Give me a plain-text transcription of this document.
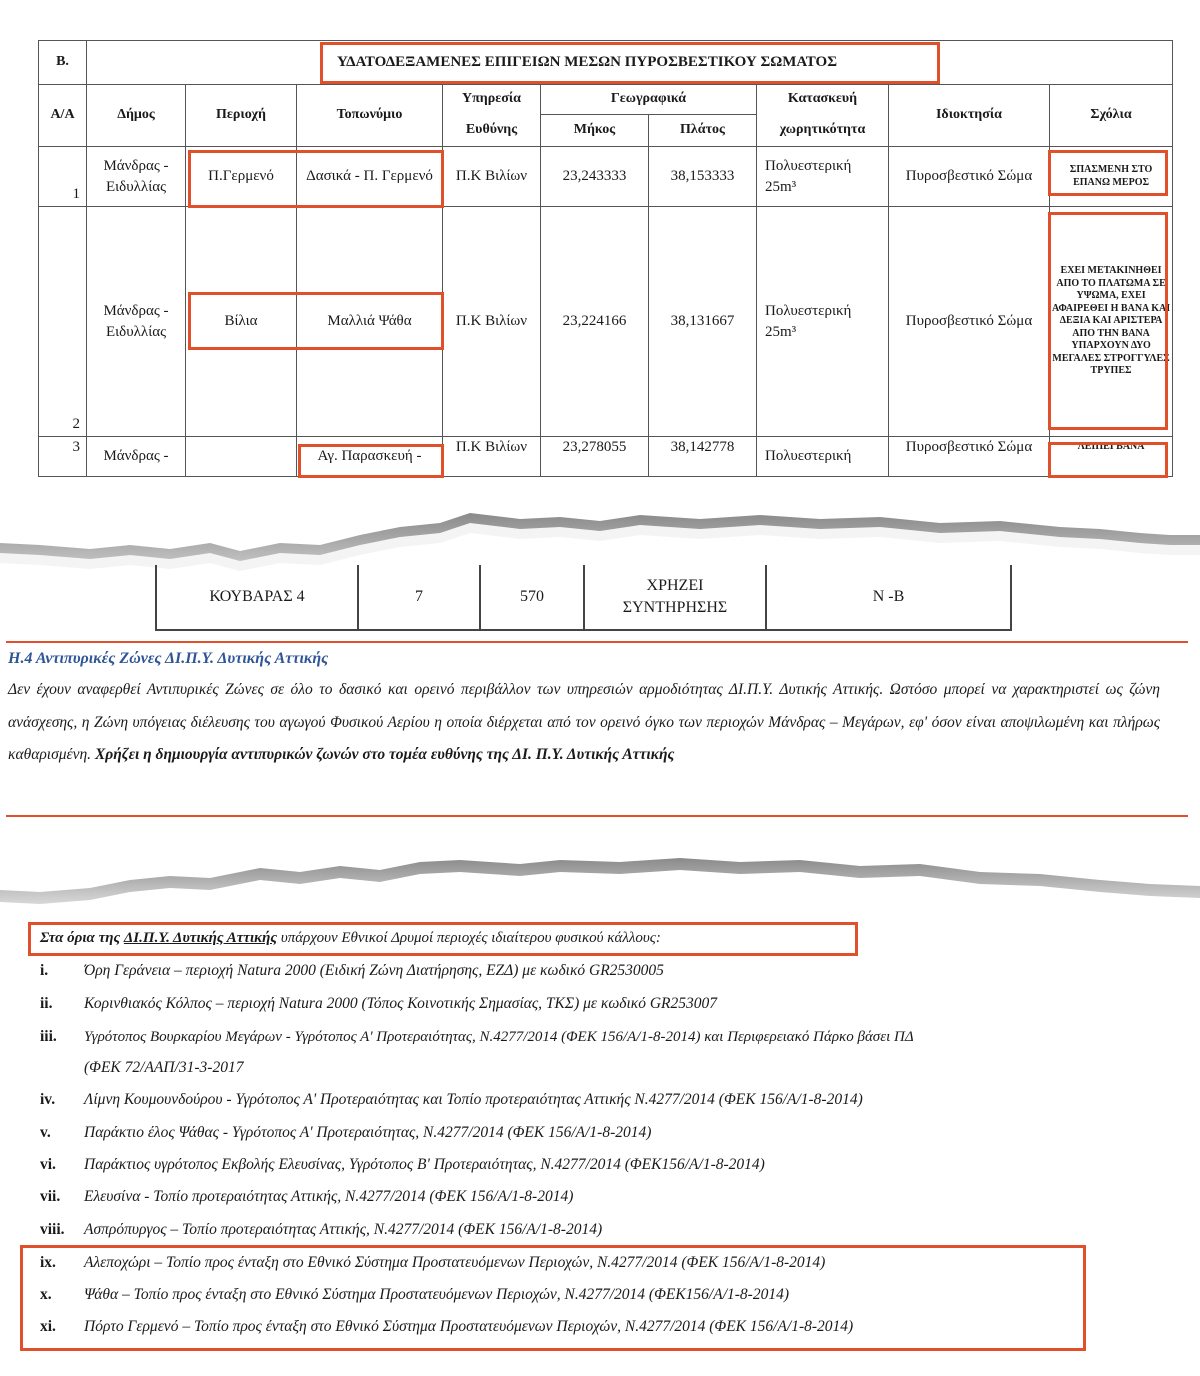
Β.	ΥΔΑΤΟΔΕΞΑΜΕΝΕΣ ΕΠΙΓΕΙΩΝ ΜΕΣΩΝ ΠΥΡΟΣΒΕΣΤΙΚΟΥ ΣΩΜΑΤΟΣ								
Α/Α	Δήμος	Περιοχή	Τοπωνύμιο	Υπηρεσία	Γεωγραφικά		Κατασκευή	Ιδιοκτησία	Σχόλια
				Ευθύνης	Μήκος	Πλάτος	χωρητικότητα		
1	Μάνδρας - Ειδυλλίας	Π.Γερμενό	Δασικά - Π. Γερμενό	Π.Κ Βιλίων	23,243333	38,153333	Πολυεστερική 25m³	Πυροσβεστικό Σώμα	ΣΠΑΣΜΕΝΗ ΣΤΟ ΕΠΑΝΩ ΜΕΡΟΣ
2	Μάνδρας - Ειδυλλίας	Βίλια	Μαλλιά Ψάθα	Π.Κ Βιλίων	23,224166	38,131667	Πολυεστερική 25m³	Πυροσβεστικό Σώμα	ΕΧΕΙ ΜΕΤΑΚΙΝΗΘΕΙ ΑΠΟ ΤΟ ΠΛΑΤΩΜΑ ΣΕ ΥΨΩΜΑ, ΕΧΕΙ ΑΦΑΙΡΕΘΕΙ Η ΒΑΝΑ ΚΑΙ ΔΕΞΙΑ ΚΑΙ ΑΡΙΣΤΕΡΑ ΑΠΟ ΤΗΝ ΒΑΝΑ ΥΠΑΡΧΟΥΝ ΔΥΟ ΜΕΓΑΛΕΣ ΣΤΡΟΓΓΥΛΕΣ ΤΡΥΠΕΣ
3	Μάνδρας -		Αγ. Παρασκευή -	Π.Κ Βιλίων	23,278055	38,142778	Πολυεστερική	Πυροσβεστικό Σώμα	ΛΕΙΠΕΙ ΒΑΝΑ
ΚΟΥΒΑΡΑΣ 4	7	570	ΧΡΗΖΕΙ ΣΥΝΤΗΡΗΣΗΣ	Ν -Β
Η.4 Αντιπυρικές Ζώνες ΔΙ.Π.Υ. Δυτικής Αττικής
Δεν έχουν αναφερθεί Αντιπυρικές Ζώνες σε όλο το δασικό και ορεινό περιβάλλον των υπηρεσιών αρμοδιότητας ΔΙ.Π.Υ. Δυτικής Αττικής. Ωστόσο μπορεί να χαρακτηριστεί ως ζώνη ανάσχεσης, η Ζώνη υπόγειας διέλευσης του αγωγού Φυσικού Αερίου η οποία διέρχεται από τον ορεινό όγκο των περιοχών Μάνδρας – Μεγάρων, εφ' όσον είναι αποψιλωμένη και πλήρως καθαρισμένη. Χρήζει η δημιουργία αντιπυρικών ζωνών στο τομέα ευθύνης της ΔΙ. Π.Υ. Δυτικής Αττικής
Στα όρια της ΔΙ.Π.Υ. Δυτικής Αττικής υπάρχουν Εθνικοί Δρυμοί περιοχές ιδιαίτερου φυσικού κάλλους:
i. Όρη Γεράνεια – περιοχή Natura 2000 (Ειδική Ζώνη Διατήρησης, ΕΖΔ) με κωδικό GR2530005
ii. Κορινθιακός Κόλπος – περιοχή Natura 2000 (Τόπος Κοινοτικής Σημασίας, ΤΚΣ) με κωδικό GR253007
iii. Υγρότοπος Βουρκαρίου Μεγάρων - Υγρότοπος Α' Προτεραιότητας, Ν.4277/2014 (ΦΕΚ 156/Α/1-8-2014) και Περιφερειακό Πάρκο βάσει ΠΔ
(ΦΕΚ 72/ΑΑΠ/31-3-2017
iv. Λίμνη Κουμουνδούρου - Υγρότοπος Α' Προτεραιότητας και Τοπίο προτεραιότητας Αττικής Ν.4277/2014 (ΦΕΚ 156/Α/1-8-2014)
v. Παράκτιο έλος Ψάθας - Υγρότοπος Α' Προτεραιότητας, Ν.4277/2014 (ΦΕΚ 156/Α/1-8-2014)
vi. Παράκτιος υγρότοπος Εκβολής Ελευσίνας, Υγρότοπος Β' Προτεραιότητας, Ν.4277/2014 (ΦΕΚ156/Α/1-8-2014)
vii. Ελευσίνα - Τοπίο προτεραιότητας Αττικής, Ν.4277/2014 (ΦΕΚ 156/Α/1-8-2014)
viii. Ασπρόπυργος – Τοπίο προτεραιότητας Αττικής, Ν.4277/2014 (ΦΕΚ 156/Α/1-8-2014)
ix. Αλεποχώρι – Τοπίο προς ένταξη στο Εθνικό Σύστημα Προστατευόμενων Περιοχών, Ν.4277/2014 (ΦΕΚ 156/Α/1-8-2014)
x. Ψάθα – Τοπίο προς ένταξη στο Εθνικό Σύστημα Προστατευόμενων Περιοχών, Ν.4277/2014 (ΦΕΚ156/Α/1-8-2014)
xi. Πόρτο Γερμενό – Τοπίο προς ένταξη στο Εθνικό Σύστημα Προστατευόμενων Περιοχών, Ν.4277/2014 (ΦΕΚ 156/Α/1-8-2014)
